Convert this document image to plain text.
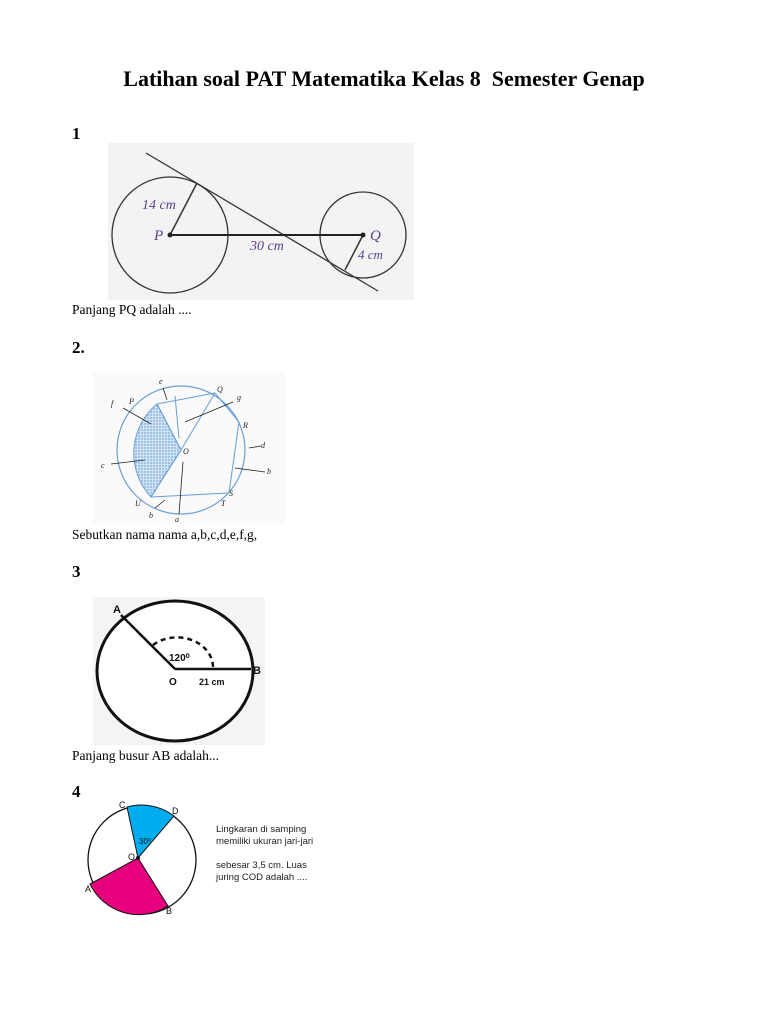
Latihan soal PAT Matematika Kelas 8  Semester Genap
1
14 cm
P	Q
30 cm
4 cm
Panjang PQ adalah ....
2.
e
f P
Q
g
R
d
O
c
b
S
T
U
b	a
Sebutkan nama nama a,b,c,d,e,f,g,
3
A
120⁰
O 21 cm
B
Panjang busur AB adalah...
4
C
D
30⁰
O
A
B

Lingkaran di samping memiliki ukuran jari-jari

sebesar 3,5 cm. Luas juring COD adalah ....
